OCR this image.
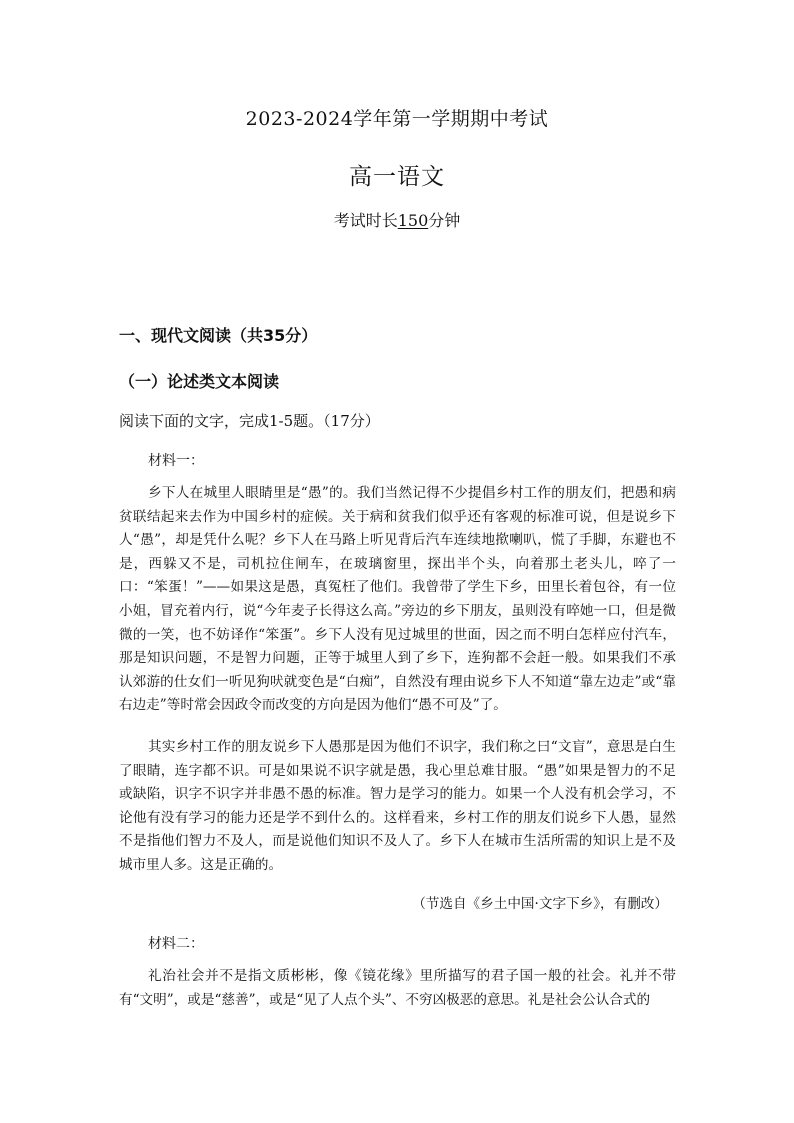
2023-2024学年第一学期期中考试
高一语文
考试时长150分钟
一、现代文阅读（共35分）
（一）论述类文本阅读
阅读下面的文字，完成1-5题。（17分）
材料一：

乡下人在城里人眼睛里是“愚”的。我们当然记得不少提倡乡村工作的朋友们，把愚和病贫联结起来去作为中国乡村的症候。关于病和贫我们似乎还有客观的标准可说，但是说乡下人“愚”，却是凭什么呢？乡下人在马路上听见背后汽车连续地揿喇叭，慌了手脚，东避也不是，西躲又不是，司机拉住闸车，在玻璃窗里，探出半个头，向着那土老头儿，啐了一口：“笨蛋！”——如果这是愚，真冤枉了他们。我曾带了学生下乡，田里长着包谷，有一位小姐，冒充着内行，说“今年麦子长得这么高。”旁边的乡下朋友，虽则没有啐她一口，但是微微的一笑，也不妨译作“笨蛋”。乡下人没有见过城里的世面，因之而不明白怎样应付汽车，那是知识问题，不是智力问题，正等于城里人到了乡下，连狗都不会赶一般。如果我们不承认郊游的仕女们一听见狗吠就变色是“白痴”，自然没有理由说乡下人不知道“靠左边走”或“靠右边走”等时常会因政令而改变的方向是因为他们“愚不可及”了。

其实乡村工作的朋友说乡下人愚那是因为他们不识字，我们称之曰“文盲”，意思是白生了眼睛，连字都不识。可是如果说不识字就是愚，我心里总难甘服。“愚”如果是智力的不足或缺陷，识字不识字并非愚不愚的标准。智力是学习的能力。如果一个人没有机会学习，不论他有没有学习的能力还是学不到什么的。这样看来，乡村工作的朋友们说乡下人愚，显然不是指他们智力不及人，而是说他们知识不及人了。乡下人在城市生活所需的知识上是不及城市里人多。这是正确的。

（节选自《乡土中国·文字下乡》，有删改）
材料二：

礼治社会并不是指文质彬彬，像《镜花缘》里所描写的君子国一般的社会。礼并不带有“文明”，或是“慈善”，或是“见了人点个头”、不穷凶极恶的意思。礼是社会公认合式的
